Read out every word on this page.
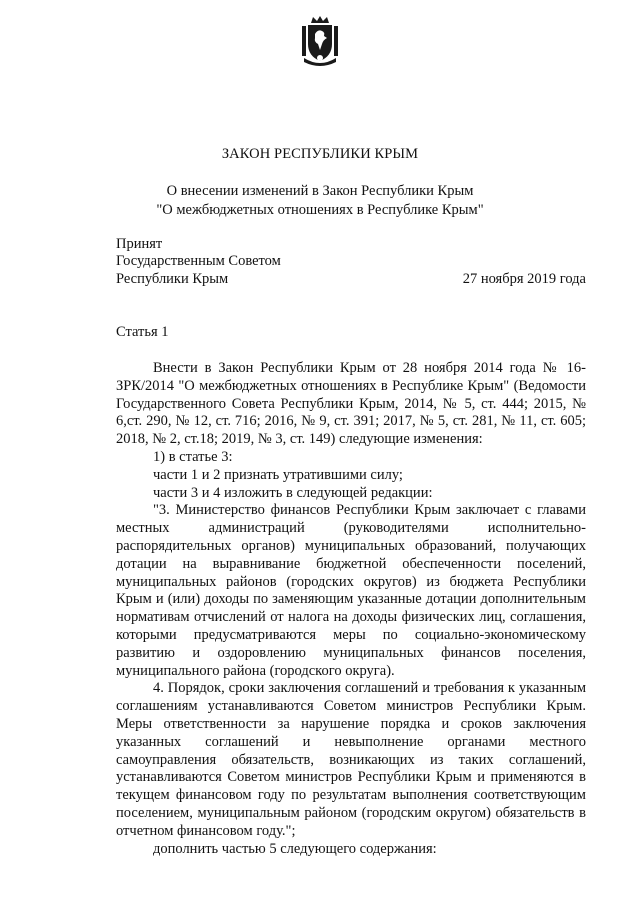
ЗАКОН РЕСПУБЛИКИ КРЫМ
О внесении изменений в Закон Республики Крым
"О межбюджетных отношениях в Республике Крым"
Принят
Государственным Советом
Республики Крым	27 ноября 2019 года
Статья 1

Внести в Закон Республики Крым от 28 ноября 2014 года № 16-ЗРК/2014 "О межбюджетных отношениях в Республике Крым" (Ведомости Государственного Совета Республики Крым, 2014, № 5, ст. 444; 2015, № 6,ст. 290, № 12, ст. 716; 2016, № 9, ст. 391; 2017, № 5, ст. 281, № 11, ст. 605; 2018, № 2, ст.18; 2019, № 3, ст. 149) следующие изменения:

1) в статье 3:

части 1 и 2 признать утратившими силу;

части 3 и 4 изложить в следующей редакции:

"3. Министерство финансов Республики Крым заключает с главами местных администраций (руководителями исполнительно-распорядительных органов) муниципальных образований, получающих дотации на выравнивание бюджетной обеспеченности поселений, муниципальных районов (городских округов) из бюджета Республики Крым и (или) доходы по заменяющим указанные дотации дополнительным нормативам отчислений от налога на доходы физических лиц, соглашения, которыми предусматриваются меры по социально-экономическому развитию и оздоровлению муниципальных финансов поселения, муниципального района (городского округа).

4. Порядок, сроки заключения соглашений и требования к указанным соглашениям устанавливаются Советом министров Республики Крым. Меры ответственности за нарушение порядка и сроков заключения указанных соглашений и невыполнение органами местного самоуправления обязательств, возникающих из таких соглашений, устанавливаются Советом министров Республики Крым и применяются в текущем финансовом году по результатам выполнения соответствующим поселением, муниципальным районом (городским округом) обязательств в отчетном финансовом году.";

дополнить частью 5 следующего содержания:
